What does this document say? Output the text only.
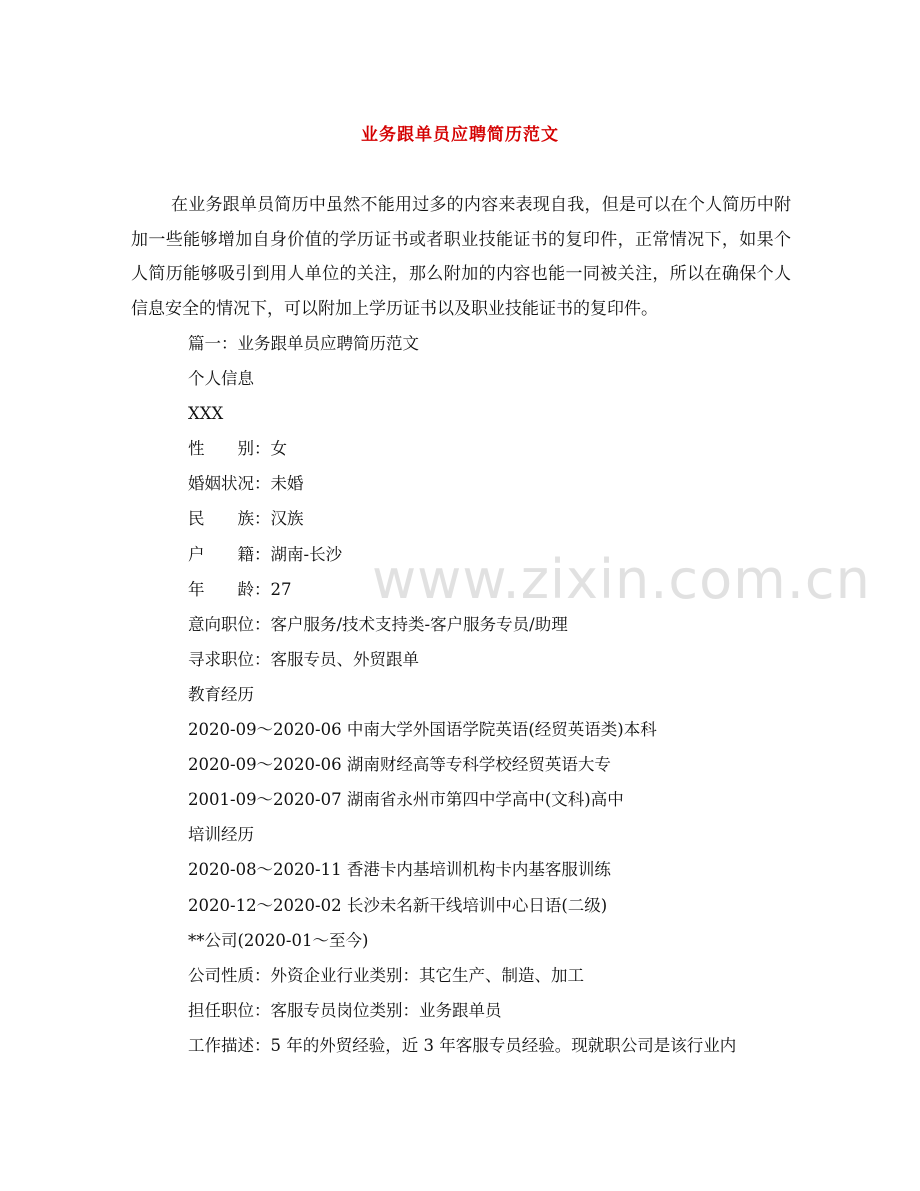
业务跟单员应聘简历范文

在业务跟单员简历中虽然不能用过多的内容来表现自我，但是可以在个人简历中附加一些能够增加自身价值的学历证书或者职业技能证书的复印件，正常情况下，如果个人简历能够吸引到用人单位的关注，那么附加的内容也能一同被关注，所以在确保个人信息安全的情况下，可以附加上学历证书以及职业技能证书的复印件。

篇一：业务跟单员应聘简历范文
个人信息
XXX
性　　别：女
婚姻状况：未婚
民　　族：汉族
户　　籍：湖南-长沙
年　　龄：27
意向职位：客户服务/技术支持类-客户服务专员/助理
寻求职位：客服专员、外贸跟单
教育经历
2020-09～2020-06 中南大学外国语学院英语(经贸英语类)本科
2020-09～2020-06 湖南财经高等专科学校经贸英语大专
2001-09～2020-07 湖南省永州市第四中学高中(文科)高中
培训经历
2020-08～2020-11 香港卡内基培训机构卡内基客服训练
2020-12～2020-02 长沙未名新干线培训中心日语(二级)
**公司(2020-01～至今)
公司性质：外资企业行业类别：其它生产、制造、加工
担任职位：客服专员岗位类别：业务跟单员
工作描述：5 年的外贸经验，近 3 年客服专员经验。现就职公司是该行业内
www.zixin.com.cn
